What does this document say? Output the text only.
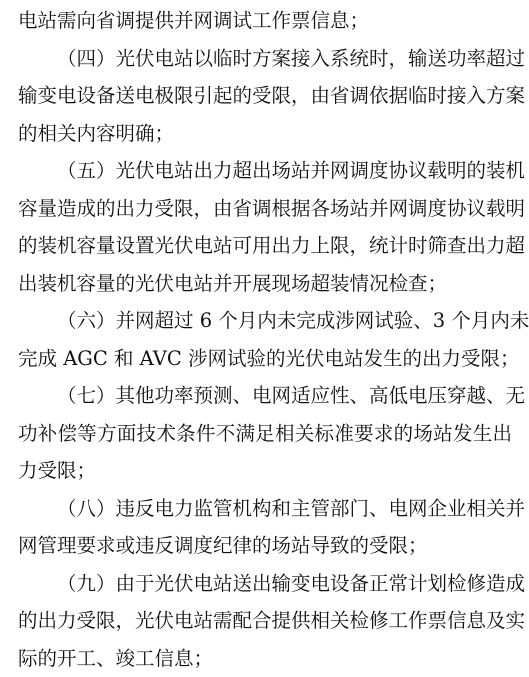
电站需向省调提供并网调试工作票信息；
（四）光伏电站以临时方案接入系统时，输送功率超过
输变电设备送电极限引起的受限，由省调依据临时接入方案
的相关内容明确；
（五）光伏电站出力超出场站并网调度协议载明的装机
容量造成的出力受限，由省调根据各场站并网调度协议载明
的装机容量设置光伏电站可用出力上限，统计时筛查出力超
出装机容量的光伏电站并开展现场超装情况检查；
（六）并网超过 6 个月内未完成涉网试验、3 个月内未
完成 AGC 和 AVC 涉网试验的光伏电站发生的出力受限；
（七）其他功率预测、电网适应性、高低电压穿越、无
功补偿等方面技术条件不满足相关标准要求的场站发生出
力受限；
（八）违反电力监管机构和主管部门、电网企业相关并
网管理要求或违反调度纪律的场站导致的受限；
（九）由于光伏电站送出输变电设备正常计划检修造成
的出力受限，光伏电站需配合提供相关检修工作票信息及实
际的开工、竣工信息；
